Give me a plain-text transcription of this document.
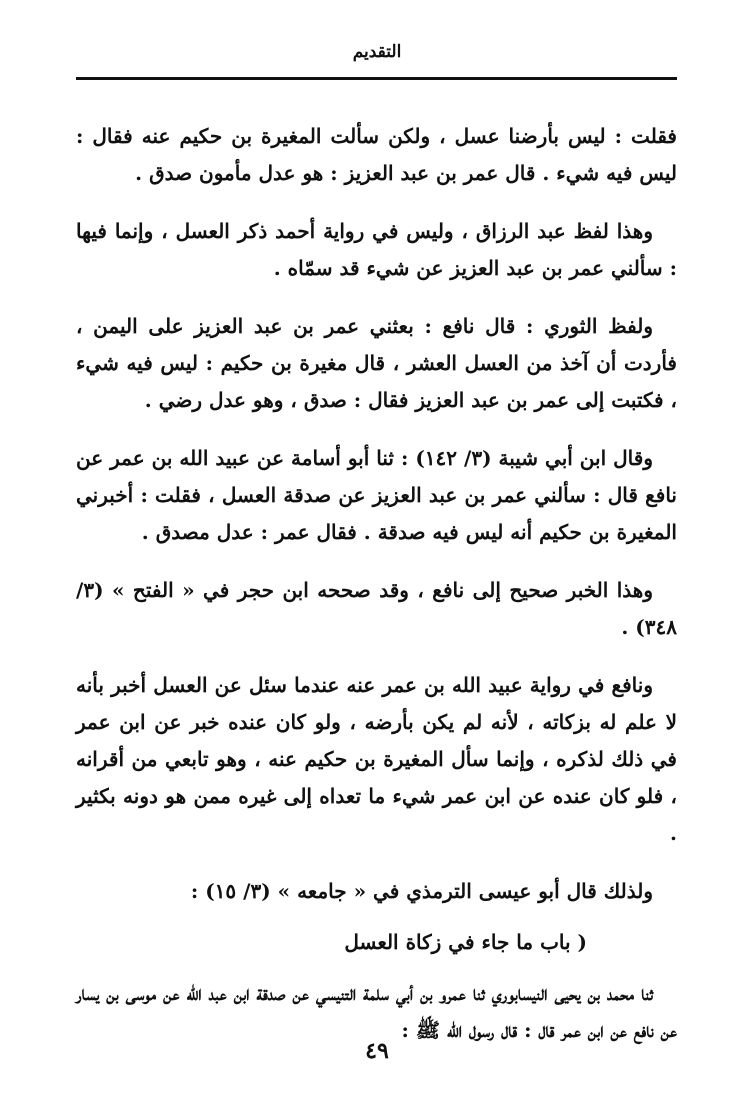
التقديم

فقلت : ليس بأرضنا عسل ، ولكن سألت المغيرة بن حكيم عنه فقال : ليس فيه شيء . قال عمر بن عبد العزيز : هو عدل مأمون صدق .

وهذا لفظ عبد الرزاق ، وليس في رواية أحمد ذكر العسل ، وإنما فيها : سألني عمر بن عبد العزيز عن شيء قد سمّاه .

ولفظ الثوري : قال نافع : بعثني عمر بن عبد العزيز على اليمن ، فأردت أن آخذ من العسل العشر ، قال مغيرة بن حكيم : ليس فيه شيء ، فكتبت إلى عمر بن عبد العزيز فقال : صدق ، وهو عدل رضي .

وقال ابن أبي شيبة (٣/ ١٤٢) : ثنا أبو أسامة عن عبيد الله بن عمر عن نافع قال : سألني عمر بن عبد العزيز عن صدقة العسل ، فقلت : أخبرني المغيرة بن حكيم أنه ليس فيه صدقة . فقال عمر : عدل مصدق .

وهذا الخبر صحيح إلى نافع ، وقد صححه ابن حجر في « الفتح » (٣/ ٣٤٨) .

ونافع في رواية عبيد الله بن عمر عنه عندما سئل عن العسل أخبر بأنه لا علم له بزكاته ، لأنه لم يكن بأرضه ، ولو كان عنده خبر عن ابن عمر في ذلك لذكره ، وإنما سأل المغيرة بن حكيم عنه ، وهو تابعي من أقرانه ، فلو كان عنده عن ابن عمر شيء ما تعداه إلى غيره ممن هو دونه بكثير .

ولذلك قال أبو عيسى الترمذي في « جامعه » (٣/ ١٥) :

( باب ما جاء في زكاة العسل

ثنا محمد بن يحيى النيسابوري ثنا عمرو بن أبي سلمة التنيسي عن صدقة ابن عبد الله عن موسى بن يسار عن نافع عن ابن عمر قال : قال رسول الله ﷺ :

٤٩
